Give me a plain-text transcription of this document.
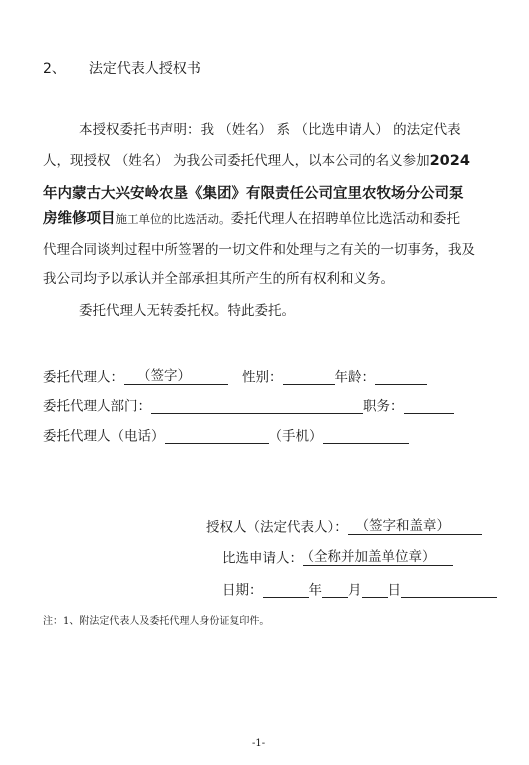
2、 法定代表人授权书
本授权委托书声明：我 （姓名） 系 （比选申请人） 的法定代表
人，现授权 （姓名） 为我公司委托代理人，以本公司的名义参加2024
年内蒙古大兴安岭农垦《集团》有限责任公司宜里农牧场分公司泵
房维修项目施工单位的比选活动。委托代理人在招聘单位比选活动和委托
代理合同谈判过程中所签署的一切文件和处理与之有关的一切事务，我及
我公司均予以承认并全部承担其所产生的所有权利和义务。
委托代理人无转委托权。特此委托。
委托代理人： （签字）	性别：	年龄：
委托代理人部门：	职务：
委托代理人（电话）	（手机）
授权人（法定代表人）： （签字和盖章）
比选申请人：（全称并加盖单位章）
日期：	年 月 日
注：1、附法定代表人及委托代理人身份证复印件。
-1-
